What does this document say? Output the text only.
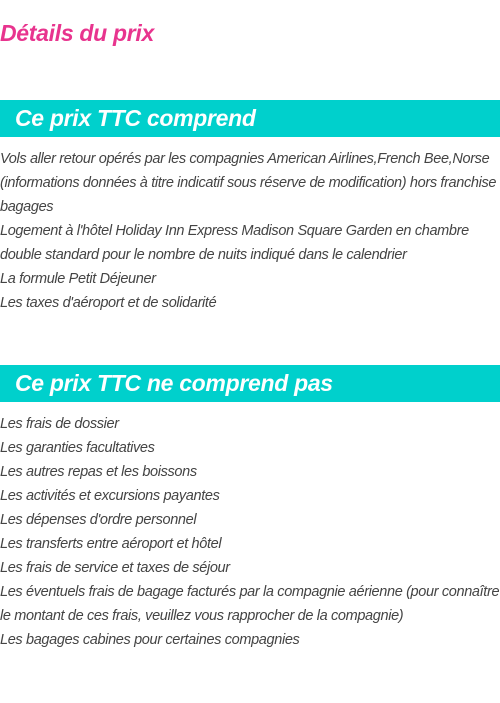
Détails du prix
Ce prix TTC comprend
Vols aller retour opérés par les compagnies American Airlines,French Bee,Norse (informations données à titre indicatif sous réserve de modification) hors franchise bagages
Logement à l'hôtel Holiday Inn Express Madison Square Garden en chambre double standard pour le nombre de nuits indiqué dans le calendrier
La formule Petit Déjeuner
Les taxes d'aéroport et de solidarité
Ce prix TTC ne comprend pas
Les frais de dossier
Les garanties facultatives
Les autres repas et les boissons
Les activités et excursions payantes
Les dépenses d'ordre personnel
Les transferts entre aéroport et hôtel
Les frais de service et taxes de séjour
Les éventuels frais de bagage facturés par la compagnie aérienne (pour connaître le montant de ces frais, veuillez vous rapprocher de la compagnie)
Les bagages cabines pour certaines compagnies
